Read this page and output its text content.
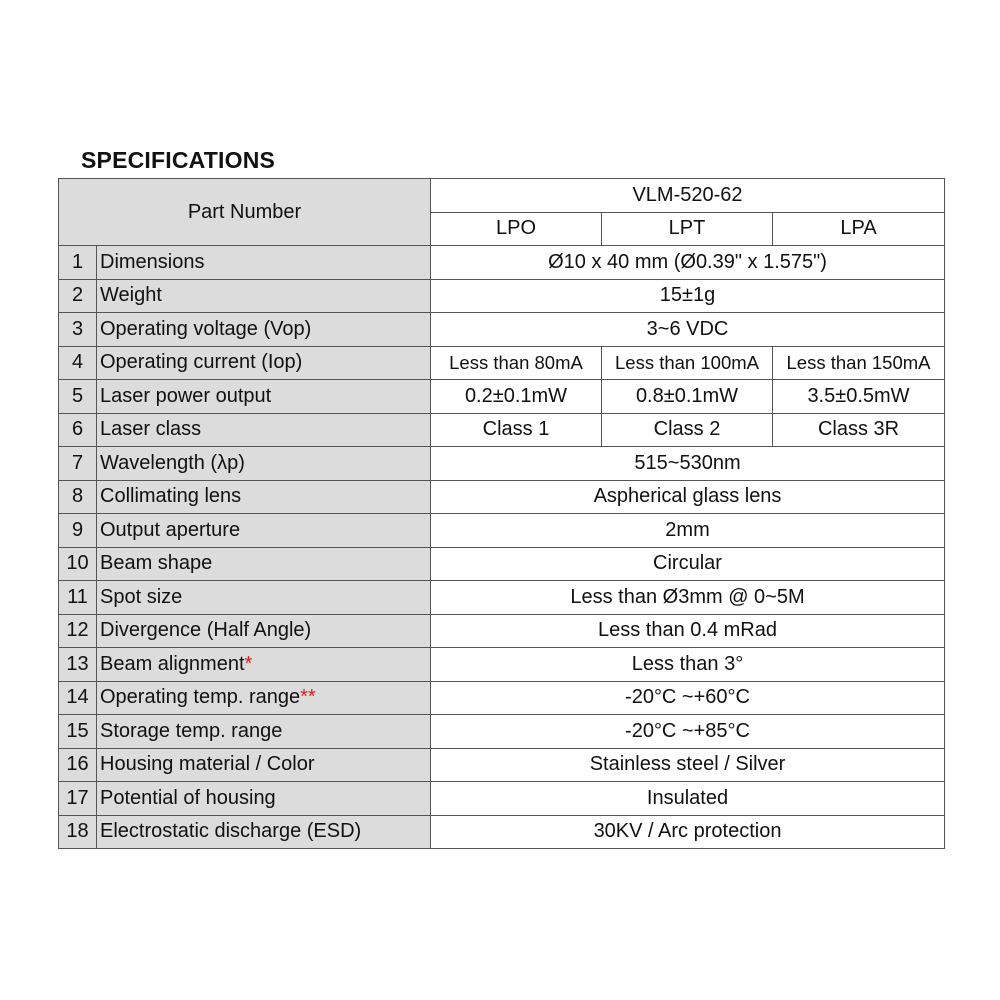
SPECIFICATIONS
Part Number		VLM-520-62		
		LPO	LPT	LPA
1	Dimensions	Ø10 x 40 mm (Ø0.39" x 1.575")		
2	Weight	15±1g		
3	Operating voltage (Vop)	3~6 VDC		
4	Operating current (Iop)	Less than 80mA	Less than 100mA	Less than 150mA
5	Laser power output	0.2±0.1mW	0.8±0.1mW	3.5±0.5mW
6	Laser class	Class 1	Class 2	Class 3R
7	Wavelength (λp)	515~530nm		
8	Collimating lens	Aspherical glass lens		
9	Output aperture	2mm		
10	Beam shape	Circular		
11	Spot size	Less than Ø3mm @ 0~5M		
12	Divergence (Half Angle)	Less than 0.4 mRad		
13	Beam alignment*	Less than 3°		
14	Operating temp. range**	-20°C ~+60°C		
15	Storage temp. range	-20°C ~+85°C		
16	Housing material / Color	Stainless steel / Silver		
17	Potential of housing	Insulated		
18	Electrostatic discharge (ESD)	30KV / Arc protection		
